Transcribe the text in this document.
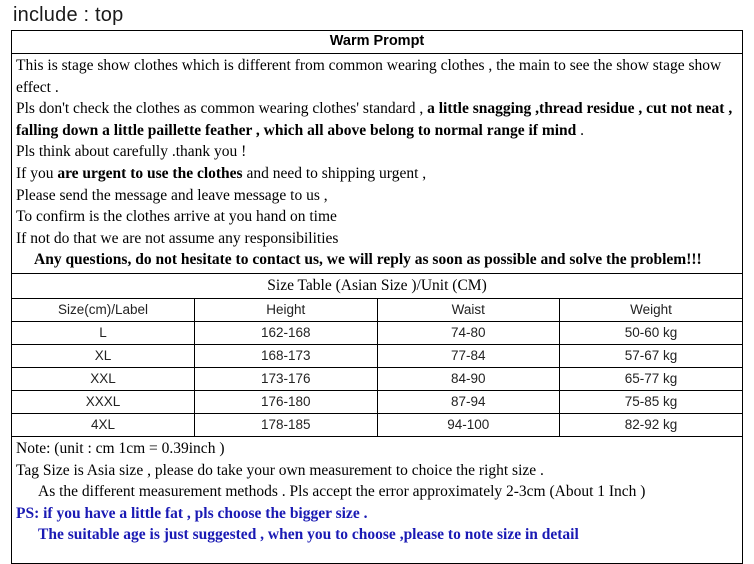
include : top
Warm Prompt
This is stage show clothes which is different from common wearing clothes , the main to see the show stage show effect .
Pls don't check the clothes as common wearing clothes' standard , a little snagging ,thread residue , cut not neat , falling down a little paillette feather , which all above belong to normal range if mind .
Pls think about carefully .thank you !
If you are urgent to use the clothes and need to shipping urgent ,
Please send the message and leave message to us ,
To confirm is the clothes arrive at you hand on time
If not do that we are not assume any responsibilities
Any questions, do not hesitate to contact us, we will reply as soon as possible and solve the problem!!!
Size Table (Asian Size )/Unit (CM)			
Size(cm)/Label	Height	Waist	Weight
L	162-168	74-80	50-60 kg
XL	168-173	77-84	57-67 kg
XXL	173-176	84-90	65-77 kg
XXXL	176-180	87-94	75-85 kg
4XL	178-185	94-100	82-92 kg
Note: (unit : cm 1cm = 0.39inch )
Tag Size is Asia size , please do take your own measurement to choice the right size .
As the different measurement methods . Pls accept the error approximately 2-3cm (About 1 Inch )
PS: if you have a little fat , pls choose the bigger size .
The suitable age is just suggested , when you to choose ,please to note size in detail
